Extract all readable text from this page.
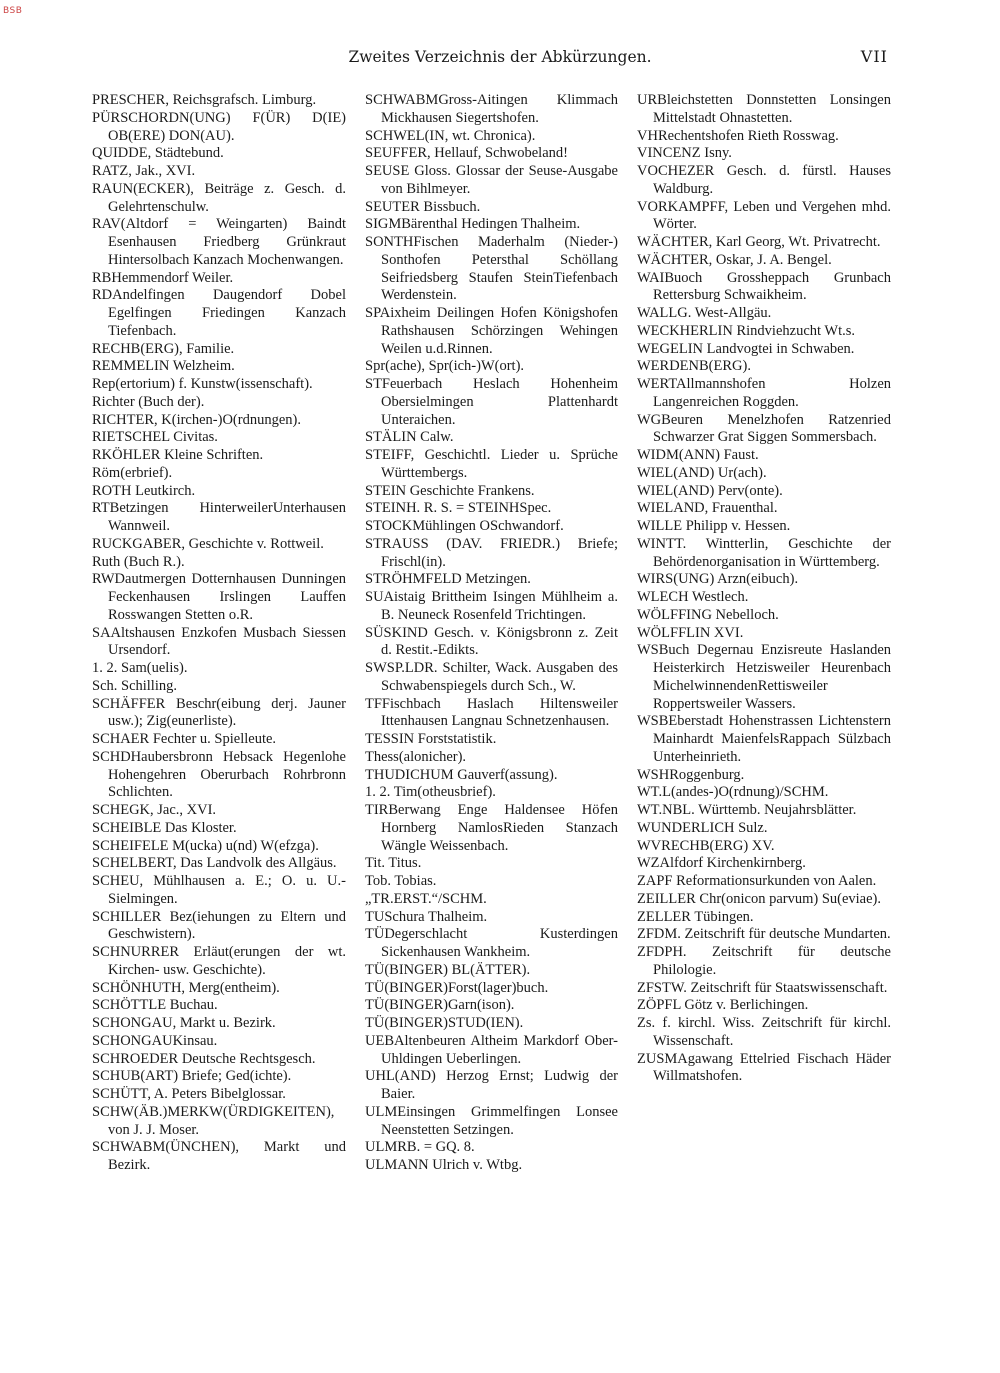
BSB
Zweites Verzeichnis der Abkürzungen.	VII

PRESCHER, Reichsgrafsch. Limburg.

PÜRSCHORDN(UNG) F(ÜR) D(IE) OB(ERE) DON(AU).

QUIDDE, Städtebund.

RATZ, Jak., XVI.

RAUN(ECKER), Beiträge z. Gesch. d. Gelehrtenschulw.

RAV(Altdorf = Weingarten) Baindt Esenhausen Friedberg Grünkraut Hintersolbach Kanzach Mochenwangen.

RBHemmendorf Weiler.

RDAndelfingen Daugendorf Dobel Egelfingen Friedingen Kanzach Tiefenbach.

RECHB(ERG), Familie.

REMMELIN Welzheim.

Rep(ertorium) f. Kunstw(issenschaft).

Richter (Buch der).

RICHTER, K(irchen-)O(rdnungen).

RIETSCHEL Civitas.

RKÖHLER Kleine Schriften.

Röm(erbrief).

ROTH Leutkirch.

RTBetzingen HinterweilerUnterhausen Wannweil.

RUCKGABER, Geschichte v. Rottweil.

Ruth (Buch R.).

RWDautmergen Dotternhausen Dunningen Feckenhausen Irslingen Lauffen Rosswangen Stetten o.R.

SAAltshausen Enzkofen Musbach Siessen Ursendorf.

1. 2. Sam(uelis).

Sch. Schilling.

SCHÄFFER Beschr(eibung derj. Jauner usw.); Zig(eunerliste).

SCHAER Fechter u. Spielleute.

SCHDHaubersbronn Hebsack Hegenlohe Hohengehren Oberurbach Rohrbronn Schlichten.

SCHEGK, Jac., XVI.

SCHEIBLE Das Kloster.

SCHEIFELE M(ucka) u(nd) W(efzga).

SCHELBERT, Das Landvolk des Allgäus.

SCHEU, Mühlhausen a. E.; O. u. U.-Sielmingen.

SCHILLER Bez(iehungen zu Eltern und Geschwistern).

SCHNURRER Erläut(erungen der wt. Kirchen- usw. Geschichte).

SCHÖNHUTH, Merg(entheim).

SCHÖTTLE Buchau.

SCHONGAU, Markt u. Bezirk.

SCHONGAUKinsau.

SCHROEDER Deutsche Rechtsgesch.

SCHUB(ART) Briefe; Ged(ichte).

SCHÜTT, A. Peters Bibelglossar.

SCHW(ÄB.)MERKW(ÜRDIGKEITEN), von J. J. Moser.

SCHWABM(ÜNCHEN), Markt und Bezirk.

SCHWABMGross-Aitingen Klimmach Mickhausen Siegertshofen.

SCHWEL(IN, wt. Chronica).

SEUFFER, Hellauf, Schwobeland!

SEUSE Gloss. Glossar der Seuse-Ausgabe von Bihlmeyer.

SEUTER Bissbuch.

SIGMBärenthal Hedingen Thalheim.

SONTHFischen Maderhalm (Nieder-) Sonthofen Petersthal Schöllang Seifriedsberg Staufen SteinTiefenbach Werdenstein.

SPAixheim Deilingen Hofen Königshofen Rathshausen Schörzingen Wehingen Weilen u.d.Rinnen.

Spr(ache), Spr(ich-)W(ort).

STFeuerbach Heslach Hohenheim Obersielmingen Plattenhardt Unteraichen.

STÄLIN Calw.

STEIFF, Geschichtl. Lieder u. Sprüche Württembergs.

STEIN Geschichte Frankens.

STEINH. R. S. = STEINHSpec.

STOCKMühlingen OSchwandorf.

STRAUSS (DAV. FRIEDR.) Briefe; Frischl(in).

STRÖHMFELD Metzingen.

SUAistaig Brittheim Isingen Mühlheim a. B. Neuneck Rosenfeld Trichtingen.

SÜSKIND Gesch. v. Königsbronn z. Zeit d. Restit.-Edikts.

SWSP.LDR. Schilter, Wack. Ausgaben des Schwabenspiegels durch Sch., W.

TFFischbach Haslach Hiltensweiler Ittenhausen Langnau Schnetzenhausen.

TESSIN Forststatistik.

Thess(alonicher).

THUDICHUM Gauverf(assung).

1. 2. Tim(otheusbrief).

TIRBerwang Enge Haldensee Höfen Hornberg NamlosRieden Stanzach Wängle Weissenbach.

Tit. Titus.

Tob. Tobias.

„TR.ERST.“/SCHM.

TUSchura Thalheim.

TÜDegerschlacht Kusterdingen Sickenhausen Wankheim.

TÜ(BINGER) BL(ÄTTER).

TÜ(BINGER)Forst(lager)buch.

TÜ(BINGER)Garn(ison).

TÜ(BINGER)STUD(IEN).

UEBAltenbeuren Altheim Markdorf Ober-Uhldingen Ueberlingen.

UHL(AND) Herzog Ernst; Ludwig der Baier.

ULMEinsingen Grimmelfingen Lonsee Neenstetten Setzingen.

ULMRB. = GQ. 8.

ULMANN Ulrich v. Wtbg.

URBleichstetten Donnstetten Lonsingen Mittelstadt Ohnastetten.

VHRechentshofen Rieth Rosswag.

VINCENZ Isny.

VOCHEZER Gesch. d. fürstl. Hauses Waldburg.

VORKAMPFF, Leben und Vergehen mhd. Wörter.

WÄCHTER, Karl Georg, Wt. Privatrecht.

WÄCHTER, Oskar, J. A. Bengel.

WAIBuoch Grossheppach Grunbach Rettersburg Schwaikheim.

WALLG. West-Allgäu.

WECKHERLIN Rindviehzucht Wt.s.

WEGELIN Landvogtei in Schwaben.

WERDENB(ERG).

WERTAllmannshofen Holzen Langenreichen Roggden.

WGBeuren Menelzhofen Ratzenried Schwarzer Grat Siggen Sommersbach.

WIDM(ANN) Faust.

WIEL(AND) Ur(ach).

WIEL(AND) Perv(onte).

WIELAND, Frauenthal.

WILLE Philipp v. Hessen.

WINTT. Wintterlin, Geschichte der Behördenorganisation in Württemberg.

WIRS(UNG) Arzn(eibuch).

WLECH Westlech.

WÖLFFING Nebelloch.

WÖLFFLIN XVI.

WSBuch Degernau Enzisreute Haslanden Heisterkirch Hetzisweiler Heurenbach MichelwinnendenRettisweiler Roppertsweiler Wassers.

WSBEberstadt Hohenstrassen Lichtenstern Mainhardt MaienfelsRappach Sülzbach Unterheinrieth.

WSHRoggenburg.

WT.L(andes-)O(rdnung)/SCHM.

WT.NBL. Württemb. Neujahrsblätter.

WUNDERLICH Sulz.

WVRECHB(ERG) XV.

WZAlfdorf Kirchenkirnberg.

ZAPF Reformationsurkunden von Aalen.

ZEILLER Chr(onicon parvum) Su(eviae).

ZELLER Tübingen.

ZFDM. Zeitschrift für deutsche Mundarten.

ZFDPH. Zeitschrift für deutsche Philologie.

ZFSTW. Zeitschrift für Staatswissenschaft.

ZÖPFL Götz v. Berlichingen.

Zs. f. kirchl. Wiss. Zeitschrift für kirchl. Wissenschaft.

ZUSMAgawang Ettelried Fischach Häder Willmatshofen.
